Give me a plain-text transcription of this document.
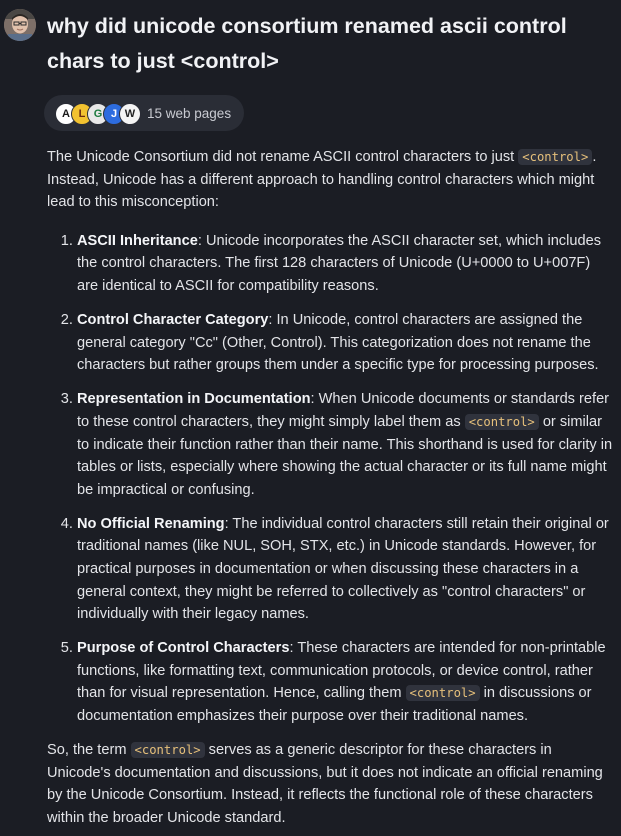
why did unicode consortium renamed ascii control chars to just <control>
A L G J W 15 web pages

The Unicode Consortium did not rename ASCII control characters to just <control> . Instead, Unicode has a different approach to handling control characters which might lead to this misconception:

1. ASCII Inheritance: Unicode incorporates the ASCII character set, which includes the control characters. The first 128 characters of Unicode (U+0000 to U+007F) are identical to ASCII for compatibility reasons.
2. Control Character Category: In Unicode, control characters are assigned the general category "Cc" (Other, Control). This categorization does not rename the characters but rather groups them under a specific type for processing purposes.
3. Representation in Documentation: When Unicode documents or standards refer to these control characters, they might simply label them as <control> or similar to indicate their function rather than their name. This shorthand is used for clarity in tables or lists, especially where showing the actual character or its full name might be impractical or confusing.
4. No Official Renaming: The individual control characters still retain their original or traditional names (like NUL, SOH, STX, etc.) in Unicode standards. However, for practical purposes in documentation or when discussing these characters in a general context, they might be referred to collectively as "control characters" or individually with their legacy names.
5. Purpose of Control Characters: These characters are intended for non-printable functions, like formatting text, communication protocols, or device control, rather than for visual representation. Hence, calling them <control> in discussions or documentation emphasizes their purpose over their traditional names.

So, the term <control> serves as a generic descriptor for these characters in Unicode's documentation and discussions, but it does not indicate an official renaming by the Unicode Consortium. Instead, it reflects the functional role of these characters within the broader Unicode standard.
